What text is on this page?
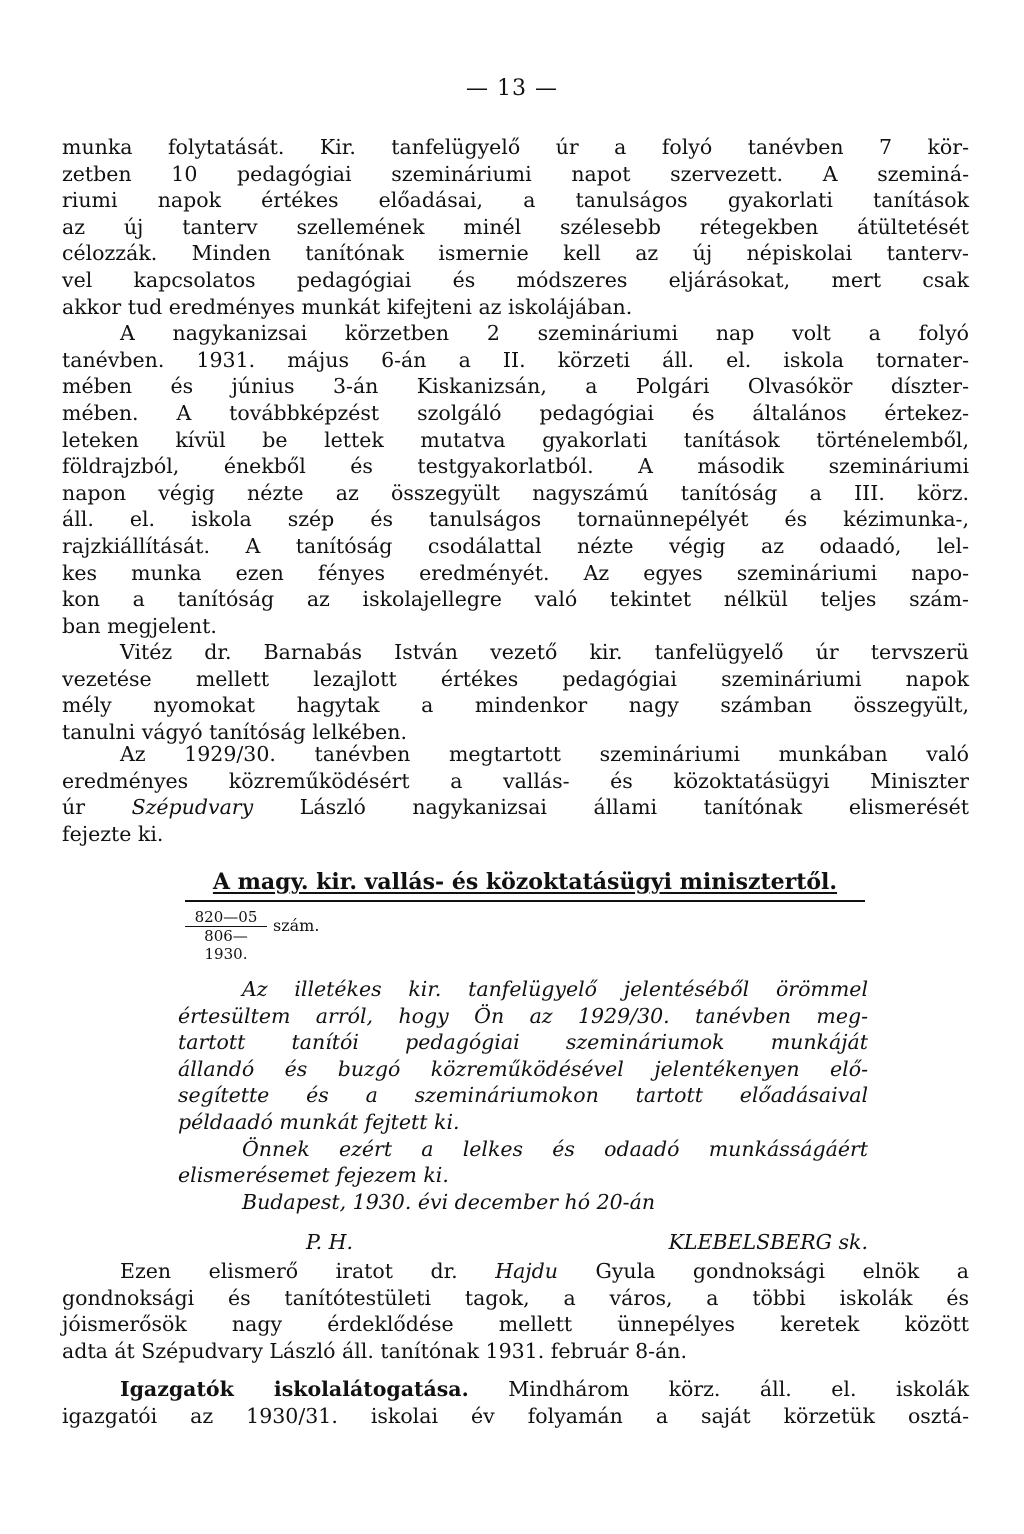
— 13 —
munka folytatását. Kir. tanfelügyelő úr a folyó tanévben 7 kör-
zetben 10 pedagógiai szemináriumi napot szervezett. A szeminá-
riumi napok értékes előadásai, a tanulságos gyakorlati tanítások
az új tanterv szellemének minél szélesebb rétegekben átültetését
célozzák. Minden tanítónak ismernie kell az új népiskolai tanterv-
vel kapcsolatos pedagógiai és módszeres eljárásokat, mert csak
akkor tud eredményes munkát kifejteni az iskolájában.
A nagykanizsai körzetben 2 szemináriumi nap volt a folyó
tanévben. 1931. május 6-án a II. körzeti áll. el. iskola tornater-
mében és június 3-án Kiskanizsán, a Polgári Olvasókör díszter-
mében. A továbbképzést szolgáló pedagógiai és általános értekez-
leteken kívül be lettek mutatva gyakorlati tanítások történelemből,
földrajzból, énekből és testgyakorlatból. A második szemináriumi
napon végig nézte az összegyült nagyszámú tanítóság a III. körz.
áll. el. iskola szép és tanulságos tornaünnepélyét és kézimunka-,
rajzkiállítását. A tanítóság csodálattal nézte végig az odaadó, lel-
kes munka ezen fényes eredményét. Az egyes szemináriumi napo-
kon a tanítóság az iskolajellegre való tekintet nélkül teljes szám-
ban megjelent.
Vitéz dr. Barnabás István vezető kir. tanfelügyelő úr tervszerü
vezetése mellett lezajlott értékes pedagógiai szemináriumi napok
mély nyomokat hagytak a mindenkor nagy számban összegyült,
tanulni vágyó tanítóság lelkében.
Az 1929/30. tanévben megtartott szemináriumi munkában való
eredményes közreműködésért a vallás- és közoktatásügyi Miniszter
úr Szépudvary László nagykanizsai állami tanítónak elismerését
fejezte ki.
A magy. kir. vallás- és közoktatásügyi minisztertől.
820—05
806—1930.
szám.
Az illetékes kir. tanfelügyelő jelentéséből örömmel
értesültem arról, hogy Ön az 1929/30. tanévben meg-
tartott tanítói pedagógiai szemináriumok munkáját
állandó és buzgó közreműködésével jelentékenyen elő-
segítette és a szemináriumokon tartott előadásaival
példaadó munkát fejtett ki.
Önnek ezért a lelkes és odaadó munkásságáért
elismerésemet fejezem ki.
Budapest, 1930. évi december hó 20-án
P. H.	KLEBELSBERG sk.
Ezen elismerő iratot dr. Hajdu Gyula gondnoksági elnök a
gondnoksági és tanítótestületi tagok, a város, a többi iskolák és
jóismerősök nagy érdeklődése mellett ünnepélyes keretek között
adta át Szépudvary László áll. tanítónak 1931. február 8-án.
Igazgatók iskolalátogatása. Mindhárom körz. áll. el. iskolák
igazgatói az 1930/31. iskolai év folyamán a saját körzetük osztá-
